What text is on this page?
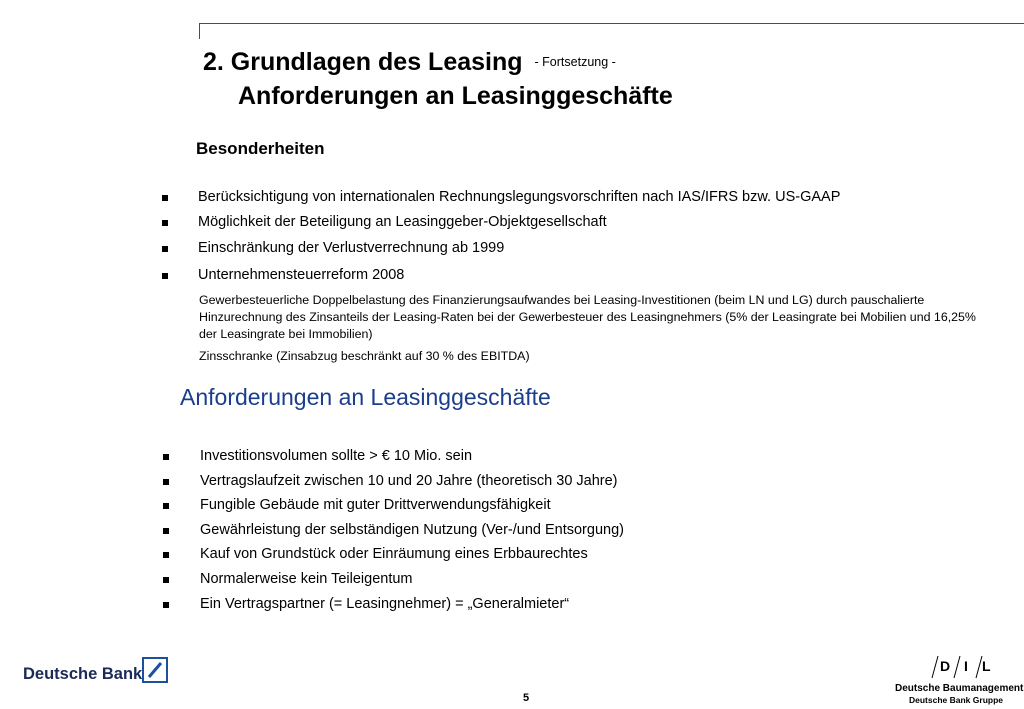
2. Grundlagen des Leasing - Fortsetzung -
Anforderungen an Leasinggeschäfte
Besonderheiten
Berücksichtigung von internationalen Rechnungslegungsvorschriften nach IAS/IFRS bzw. US-GAAP
Möglichkeit der Beteiligung an Leasinggeber-Objektgesellschaft
Einschränkung der Verlustverrechnung ab 1999
Unternehmensteuerreform 2008
Gewerbesteuerliche Doppelbelastung des Finanzierungsaufwandes bei Leasing-Investitionen (beim LN und LG) durch pauschalierte Hinzurechnung des Zinsanteils der Leasing-Raten bei der Gewerbesteuer des Leasingnehmers (5% der Leasingrate bei Mobilien und 16,25% der Leasingrate bei Immobilien)
Zinsschranke (Zinsabzug beschränkt auf 30 % des EBITDA)
Anforderungen an Leasinggeschäfte
Investitionsvolumen sollte > € 10 Mio. sein
Vertragslaufzeit zwischen 10 und 20 Jahre (theoretisch 30 Jahre)
Fungible Gebäude mit guter Drittverwendungsfähigkeit
Gewährleistung der selbständigen Nutzung (Ver-/und Entsorgung)
Kauf von Grundstück oder Einräumung eines Erbbaurechtes
Normalerweise kein Teileigentum
Ein Vertragspartner (= Leasingnehmer) = „Generalmieter“
Deutsche Bank
5
D I L
Deutsche Baumanagement
Deutsche Bank Gruppe
